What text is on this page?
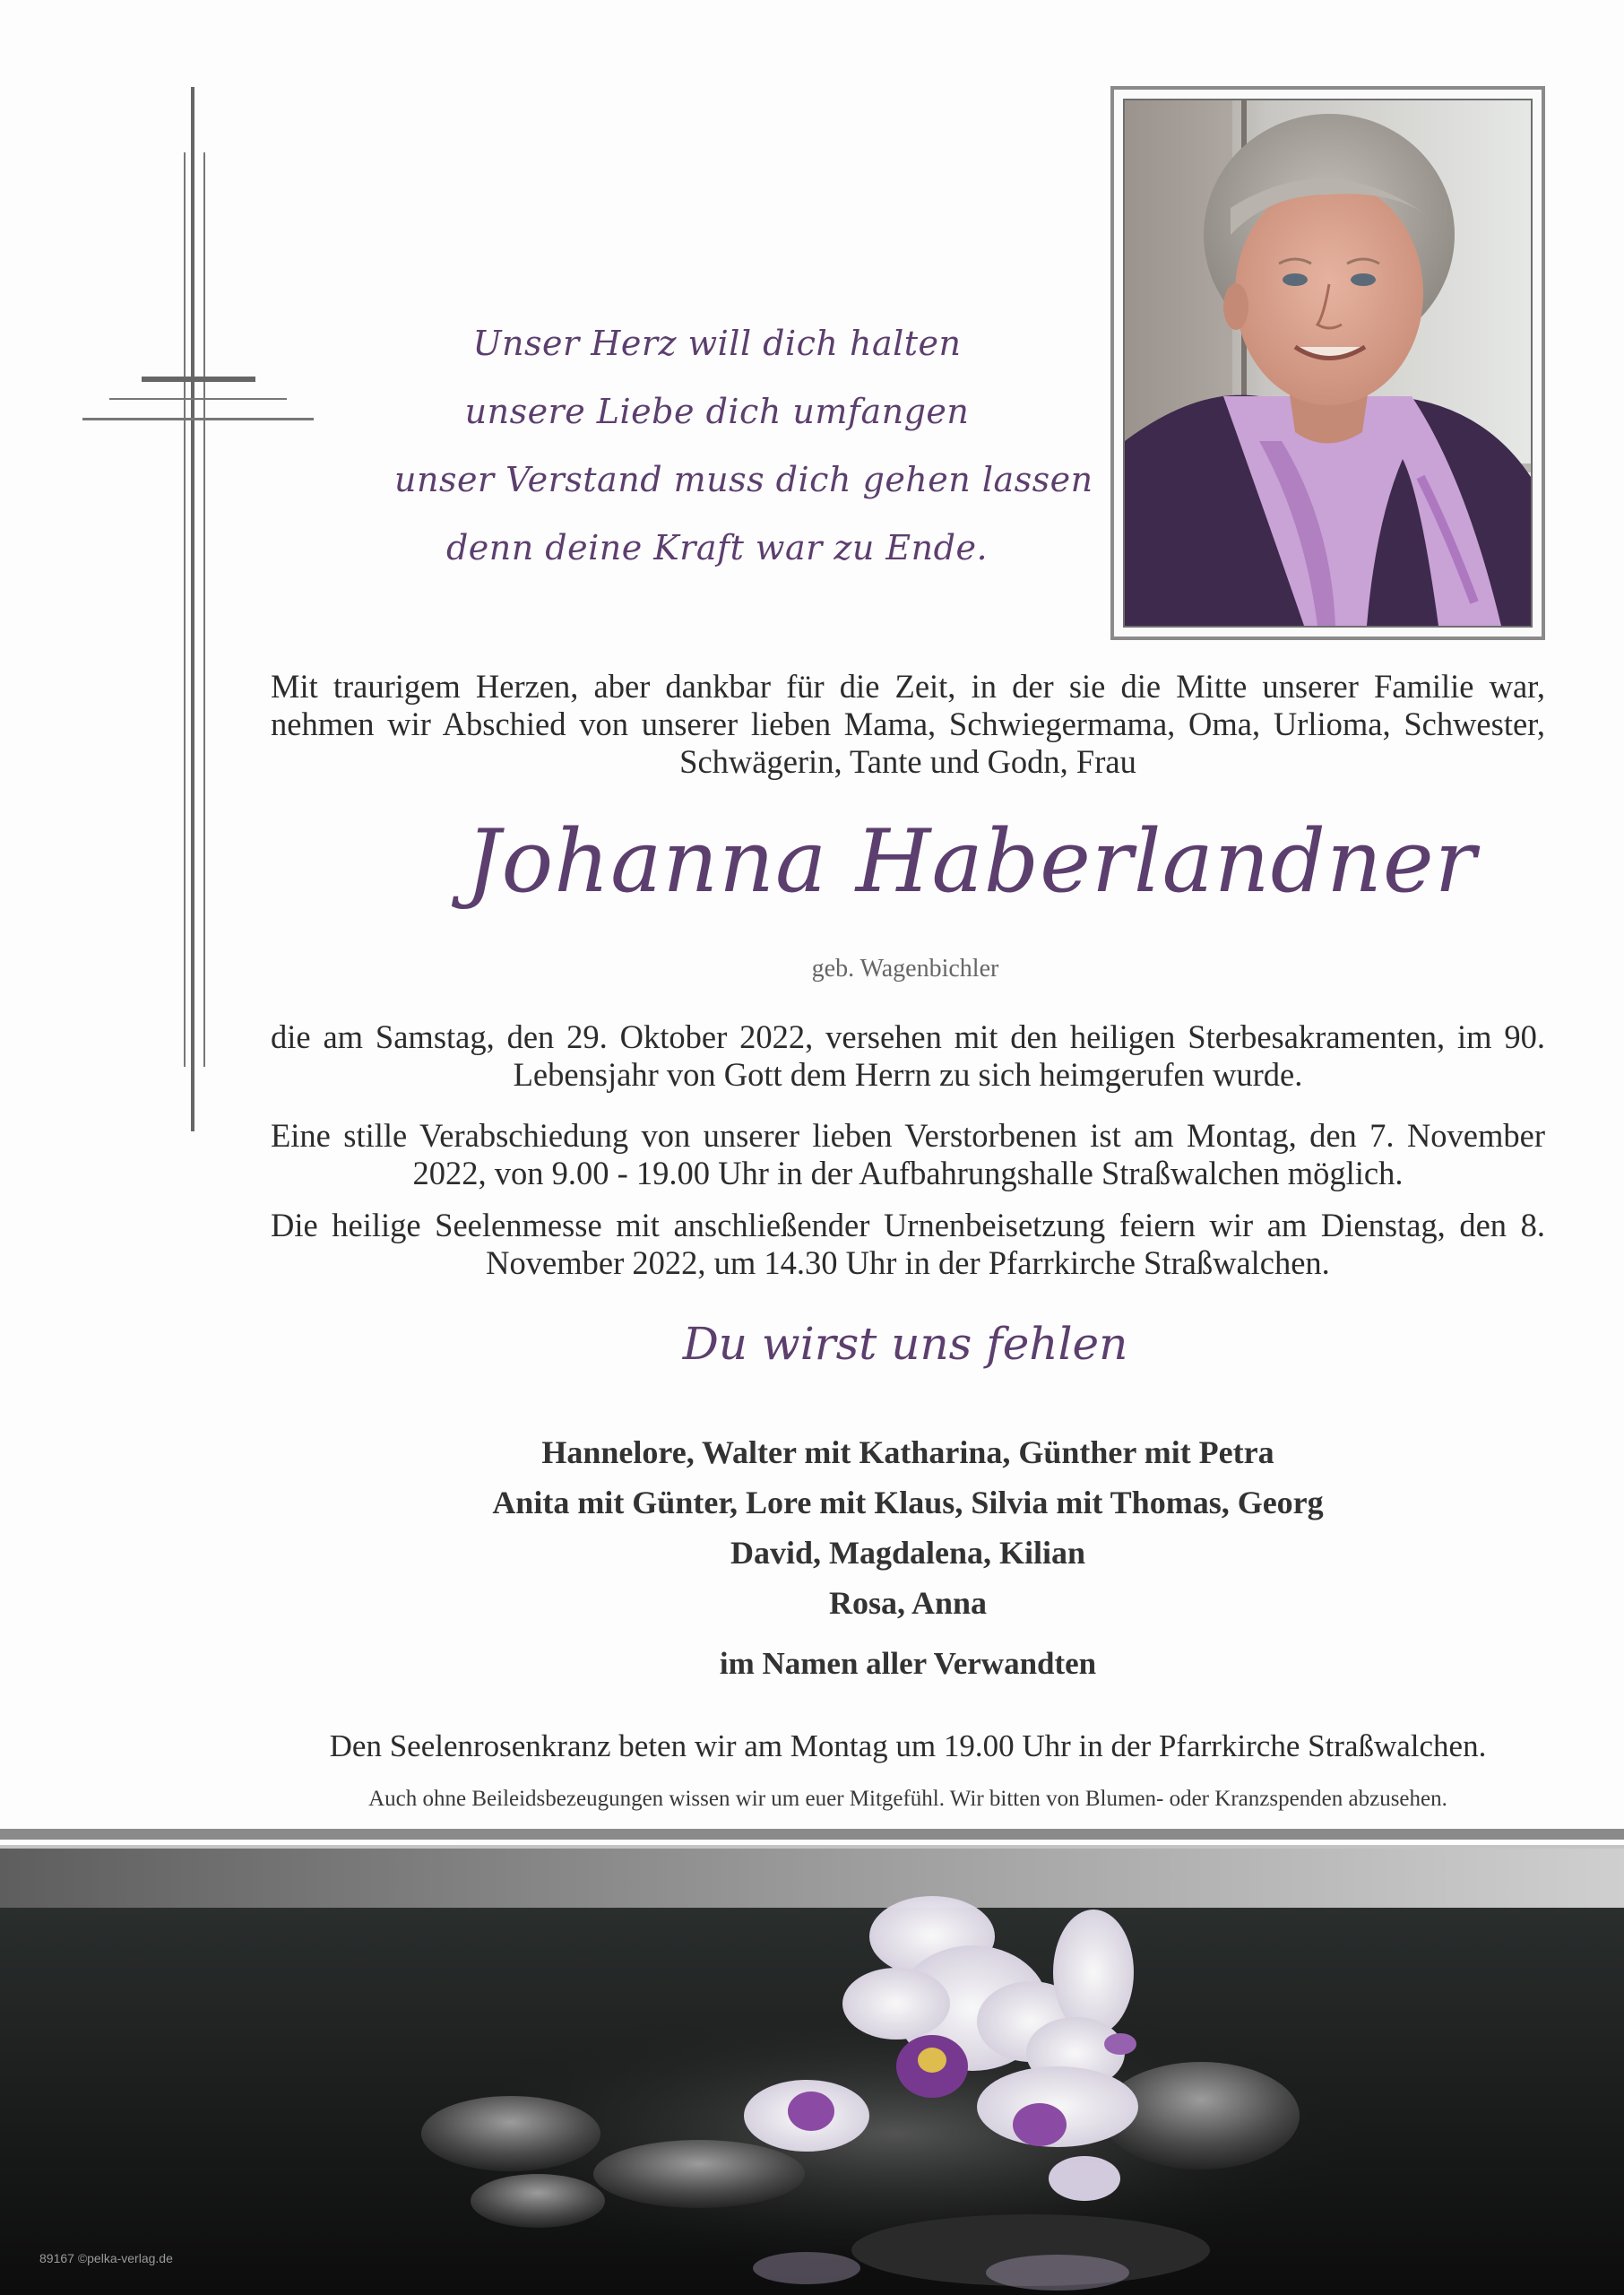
Unser Herz will dich halten
unsere Liebe dich umfangen
unser Verstand muss dich gehen lassen
denn deine Kraft war zu Ende.
Mit traurigem Herzen, aber dankbar für die Zeit, in der sie die Mitte unserer Familie war, nehmen wir Abschied von unserer lieben Mama, Schwiegermama, Oma, Urlioma, Schwester, Schwägerin, Tante und Godn, Frau
Johanna Haberlandner
geb. Wagenbichler
die am Samstag, den 29. Oktober 2022, versehen mit den heiligen Sterbesakramenten, im 90. Lebensjahr von Gott dem Herrn zu sich heimgerufen wurde.
Eine stille Verabschiedung von unserer lieben Verstorbenen ist am Montag, den 7. November 2022, von 9.00 - 19.00 Uhr in der Aufbahrungshalle Straßwalchen möglich.
Die heilige Seelenmesse mit anschließender Urnenbeisetzung feiern wir am Dienstag, den 8. November 2022, um 14.30 Uhr in der Pfarrkirche Straßwalchen.
Du wirst uns fehlen
Hannelore, Walter mit Katharina, Günther mit Petra
Anita mit Günter, Lore mit Klaus, Silvia mit Thomas, Georg
David, Magdalena, Kilian
Rosa, Anna
im Namen aller Verwandten
Den Seelenrosenkranz beten wir am Montag um 19.00 Uhr in der Pfarrkirche Straßwalchen.
Auch ohne Beileidsbezeugungen wissen wir um euer Mitgefühl. Wir bitten von Blumen- oder Kranzspenden abzusehen.
89167 ©pelka-verlag.de
